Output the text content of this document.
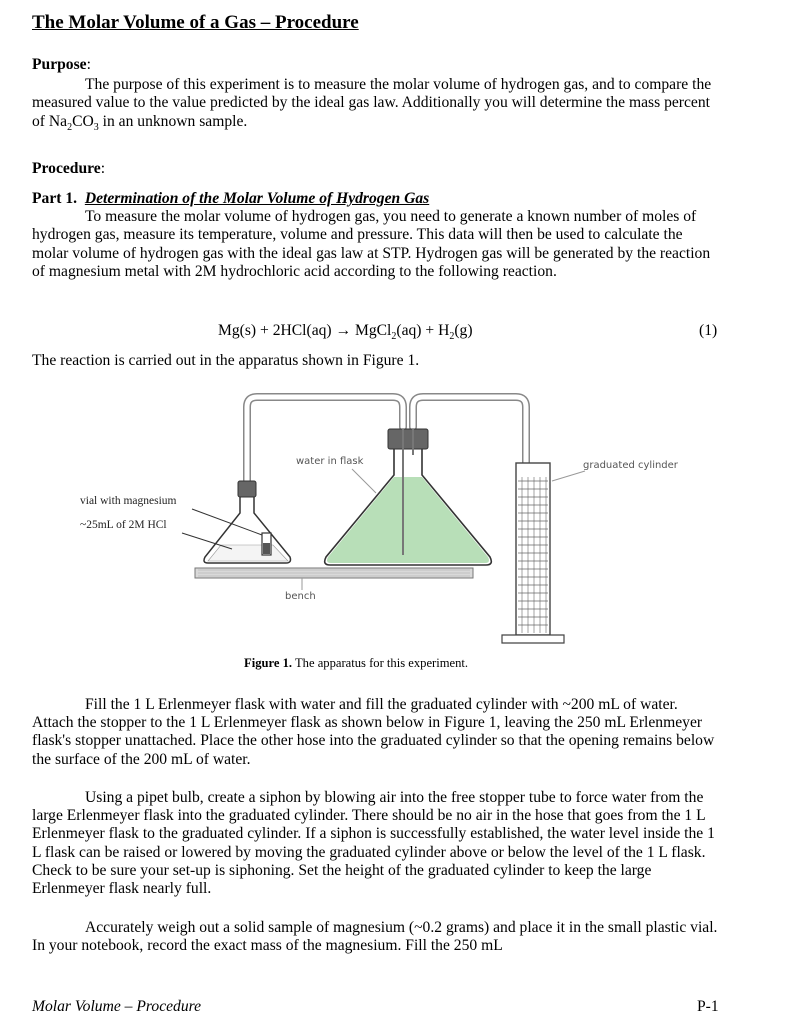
The Molar Volume of a Gas – Procedure
Purpose:

The purpose of this experiment is to measure the molar volume of hydrogen gas, and to compare the measured value to the value predicted by the ideal gas law. Additionally you will determine the mass percent of $Na_2CO_3$ in an unknown sample.

Procedure:
Part 1. Determination of the Molar Volume of Hydrogen Gas

To measure the molar volume of hydrogen gas, you need to generate a known number of moles of hydrogen gas, measure its temperature, volume and pressure. This data will then be used to calculate the molar volume of hydrogen gas with the ideal gas law at STP. Hydrogen gas will be generated by the reaction of magnesium metal with 2M hydrochloric acid according to the following reaction.

Mg(s) + 2HCl(aq) → MgCl$_2$(aq) + $H_2(g)$	(1)
The reaction is carried out in the apparatus shown in Figure 1.
vial with magnesium
~25mL of 2M HCl
water in flask	graduated cylinder
bench
Figure 1. The apparatus for this experiment.

Fill the 1 L Erlenmeyer flask with water and fill the graduated cylinder with ~200 mL of water. Attach the stopper to the 1 L Erlenmeyer flask as shown below in Figure 1, leaving the 250 mL Erlenmeyer flask's stopper unattached. Place the other hose into the graduated cylinder so that the opening remains below the surface of the 200 mL of water.

Using a pipet bulb, create a siphon by blowing air into the free stopper tube to force water from the large Erlenmeyer flask into the graduated cylinder. There should be no air in the hose that goes from the 1 L Erlenmeyer flask to the graduated cylinder. If a siphon is successfully established, the water level inside the 1 L flask can be raised or lowered by moving the graduated cylinder above or below the level of the 1 L flask. Check to be sure your set-up is siphoning. Set the height of the graduated cylinder to keep the large Erlenmeyer flask nearly full.

Accurately weigh out a solid sample of magnesium (~0.2 grams) and place it in the small plastic vial. In your notebook, record the exact mass of the magnesium. Fill the 250 mL

Molar Volume – Procedure	P-1
